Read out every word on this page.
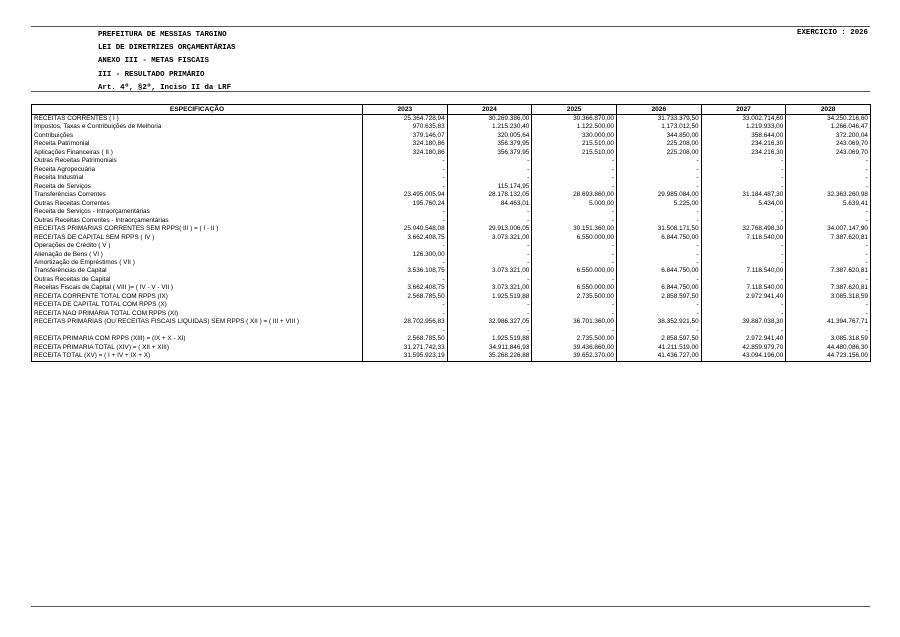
PREFEITURA DE MESSIAS TARGINO
LEI DE DIRETRIZES ORÇAMENTÁRIAS
ANEXO III - METAS FISCAIS
III - RESULTADO PRIMÁRIO
Art. 4º, §2º, Inciso II da LRF
EXERCICIO : 2026
ESPECIFICAÇÃO	2023	2024	2025	2026	2027	2028
RECEITAS CORRENTES ( I )	25.364.728,94	30.269.386,00	30.366.870,00	31.733.379,50	33.002.714,60	34.250.216,60
Impostos, Taxas e Contribuições de Melhoria	970.635,83	1.215.230,40	1.122.500,00	1.173.012,50	1.219.933,00	1.266.046,47
Contribuições	379.146,07	320.005,64	330.000,00	344.850,00	358.644,00	372.200,04
Receita Patrimonial	324.180,86	356.379,95	215.510,00	225.208,00	234.216,30	243.069,70
Aplicações Financeiras ( II )	324.180,86	356.379,95	215.510,00	225.208,00	234.216,30	243.069,70
Outras Receitas Patrimoniais	-	-	-	-	-	-
Receita Agropecuária	-	-	-	-	-	-
Receita Industrial	-	-	-	-	-	-
Receita de Serviços	-	115.174,95	-	-	-	-
Transferências Correntes	23.495.005,94	28.178.132,05	28.693.860,00	29.985.084,00	31.184.487,30	32.363.260,98
Outras Receitas Correntes	195.760,24	84.463,01	5.000,00	5.225,00	5.434,00	5.639,41
Receita de Serviços - Intraorçamentárias	-	-	-	-	-	-
Outras Receitas Correntes - Intraorçamentárias	-	-	-	-	-	-
RECEITAS PRIMÁRIAS CORRENTES SEM RPPS( III ) = ( I - II )	25.040.548,08	29.913.006,05	30.151.360,00	31.508.171,50	32.768.498,30	34.007.147,90
RECEITAS DE CAPITAL SEM RPPS ( IV )	3.662.408,75	3.073.321,00	6.550.000,00	6.844.750,00	7.118.540,00	7.387.620,81
Operações de Crédito ( V )	-	-	-	-	-	-
Alienação de Bens ( VI )	126.300,00	-	-	-	-	-
Amortização de Empréstimos ( VII )	-	-	-	-	-	-
Transferências de Capital	3.536.108,75	3.073.321,00	6.550.000,00	6.844.750,00	7.118.540,00	7.387.620,81
Outras Receitas de Capital	-	-	-	-	-	-
Receitas Fiscais de Capital ( VIII )= ( IV - V - VII )	3.662.408,75	3.073.321,00	6.550.000,00	6.844.750,00	7.118.540,00	7.387.620,81
RECEITA CORRENTE TOTAL COM RPPS (IX)	2.568.785,50	1.925.519,88	2.735.500,00	2.858.597,50	2.972.941,40	3.085.318,59
RECEITA DE CAPITAL TOTAL COM RPPS (X)	-	-	-	-	-	-
RECEITA NÃO PRIMÁRIA TOTAL COM RPPS (XI)	-	-	-	-	-	-
RECEITAS PRIMÁRIAS (OU RECEITAS FISCAIS LÍQUIDAS) SEM RPPS ( XII ) = ( III + VIII )	28.702.956,83	32.986.327,05	36.701.360,00	38.352.921,50	39.887.038,30	41.394.767,71
	-	-	-	-	-	-
RECEITA PRIMÁRIA COM RPPS (XIII) = (IX + X - XI)	2.568.785,50	1.925.519,88	2.735.500,00	2.858.597,50	2.972.941,40	3.085.318,59
RECEITA PRIMÁRIA TOTAL (XIV) = ( XII + XIII)	31.271.742,33	34.911.846,93	39.436.860,00	41.211.519,00	42.859.979,70	44.480.086,30
RECEITA TOTAL (XV) = ( I + IV + IX + X)	31.595.923,19	35.268.226,88	39.652.370,00	41.436.727,00	43.094.196,00	44.723.156,00
